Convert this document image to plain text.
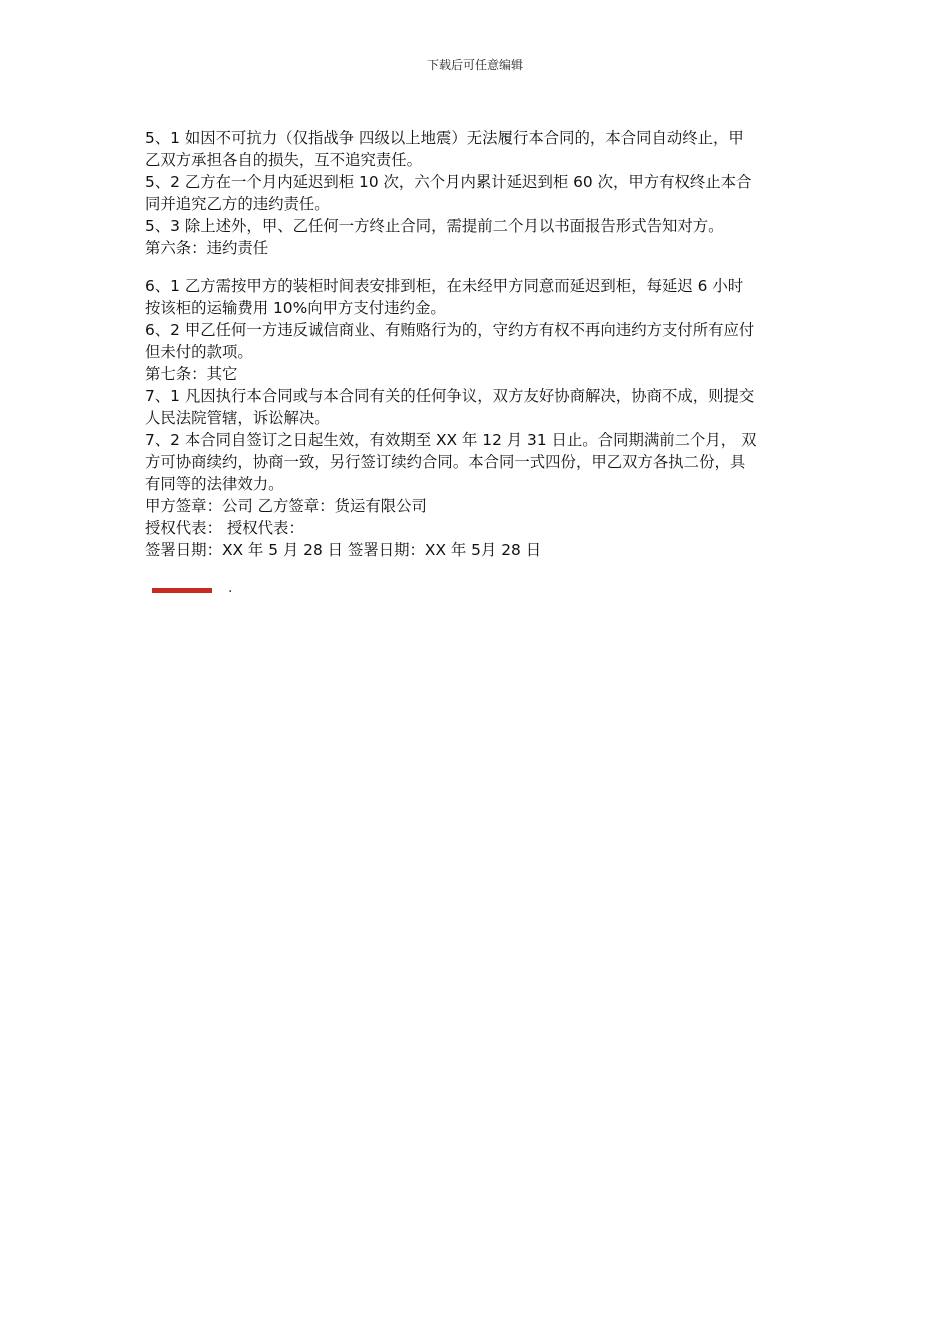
下载后可任意编辑
5、1 如因不可抗力（仅指战争 四级以上地震）无法履行本合同的，本合同自动终止，甲
乙双方承担各自的损失，互不追究责任。
5、2 乙方在一个月内延迟到柜 10 次，六个月内累计延迟到柜 60 次，甲方有权终止本合
同并追究乙方的违约责任。
5、3 除上述外，甲、乙任何一方终止合同，需提前二个月以书面报告形式告知对方。
第六条：违约责任
6、1 乙方需按甲方的装柜时间表安排到柜，在未经甲方同意而延迟到柜，每延迟 6 小时
按该柜的运输费用 10%向甲方支付违约金。
6、2 甲乙任何一方违反诚信商业、有贿赂行为的，守约方有权不再向违约方支付所有应付
但未付的款项。
第七条：其它
7、1 凡因执行本合同或与本合同有关的任何争议，双方友好协商解决，协商不成，则提交
人民法院管辖，诉讼解决。
7、2 本合同自签订之日起生效，有效期至 XX 年 12 月 31 日止。合同期满前二个月， 双
方可协商续约，协商一致，另行签订续约合同。本合同一式四份，甲乙双方各执二份，具
有同等的法律效力。
甲方签章：公司 乙方签章：货运有限公司
授权代表： 授权代表：
签署日期：XX 年 5 月 28 日 签署日期：XX 年 5月 28 日
.
